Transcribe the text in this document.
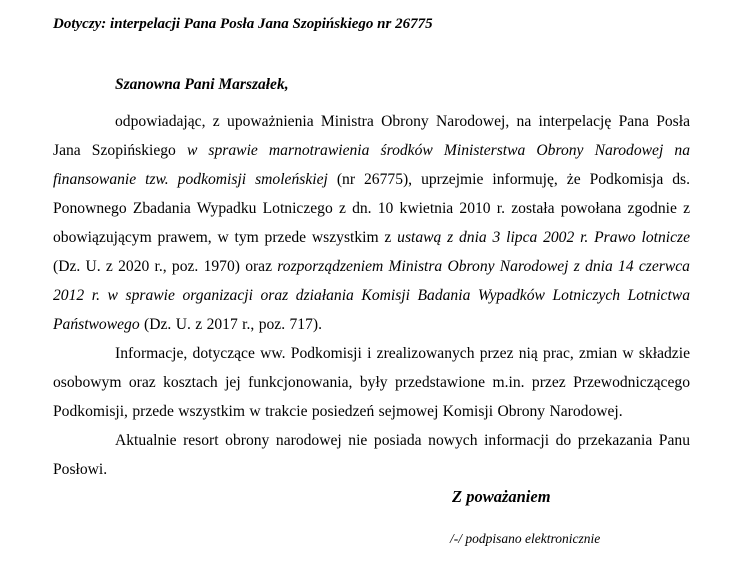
Dotyczy: interpelacji Pana Posła Jana Szopińskiego nr 26775
Szanowna Pani Marszałek,

odpowiadając, z upoważnienia Ministra Obrony Narodowej, na interpelację Pana Posła Jana Szopińskiego w sprawie marnotrawienia środków Ministerstwa Obrony Narodowej na finansowanie tzw. podkomisji smoleńskiej (nr 26775), uprzejmie informuję, że Podkomisja ds. Ponownego Zbadania Wypadku Lotniczego z dn. 10 kwietnia 2010 r. została powołana zgodnie z obowiązującym prawem, w tym przede wszystkim z ustawą z dnia 3 lipca 2002 r. Prawo lotnicze (Dz. U. z 2020 r., poz. 1970) oraz rozporządzeniem Ministra Obrony Narodowej z dnia 14 czerwca 2012 r. w sprawie organizacji oraz działania Komisji Badania Wypadków Lotniczych Lotnictwa Państwowego (Dz. U. z 2017 r., poz. 717).

Informacje, dotyczące ww. Podkomisji i zrealizowanych przez nią prac, zmian w składzie osobowym oraz kosztach jej funkcjonowania, były przedstawione m.in. przez Przewodniczącego Podkomisji, przede wszystkim w trakcie posiedzeń sejmowej Komisji Obrony Narodowej.

Aktualnie resort obrony narodowej nie posiada nowych informacji do przekazania Panu Posłowi.

Z poważaniem
/-/ podpisano elektronicznie
